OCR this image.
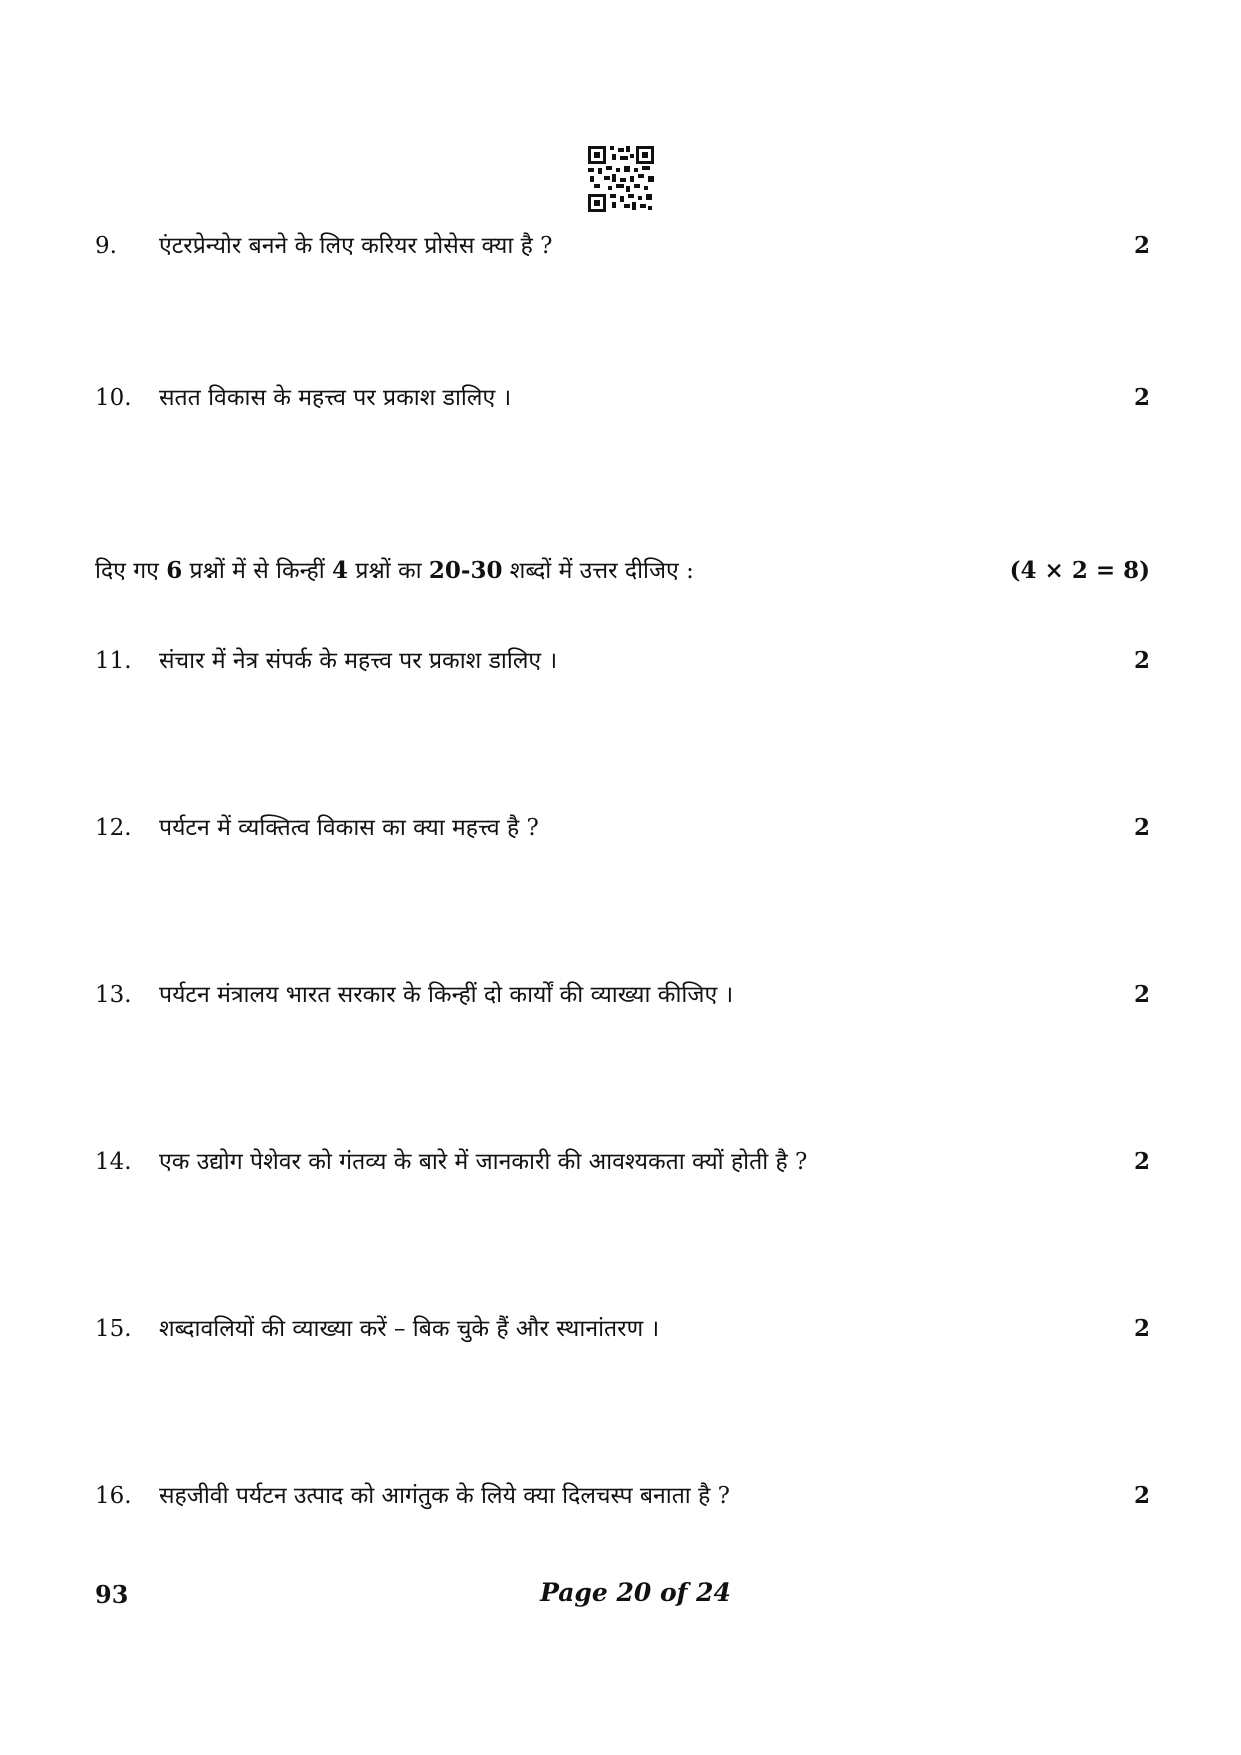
9. एंटरप्रेन्योर बनने के लिए करियर प्रोसेस क्या है ?	2
10. सतत विकास के महत्त्व पर प्रकाश डालिए ।	2
दिए गए 6 प्रश्नों में से किन्हीं 4 प्रश्नों का 20-30 शब्दों में उत्तर दीजिए :	(4 × 2 = 8)
11. संचार में नेत्र संपर्क के महत्त्व पर प्रकाश डालिए ।	2
12. पर्यटन में व्यक्तित्व विकास का क्या महत्त्व है ?	2
13. पर्यटन मंत्रालय भारत सरकार के किन्हीं दो कार्यों की व्याख्या कीजिए ।	2
14. एक उद्योग पेशेवर को गंतव्य के बारे में जानकारी की आवश्यकता क्यों होती है ?	2
15. शब्दावलियों की व्याख्या करें – बिक चुके हैं और स्थानांतरण ।	2
16. सहजीवी पर्यटन उत्पाद को आगंतुक के लिये क्या दिलचस्प बनाता है ?	2
93	Page 20 of 24
